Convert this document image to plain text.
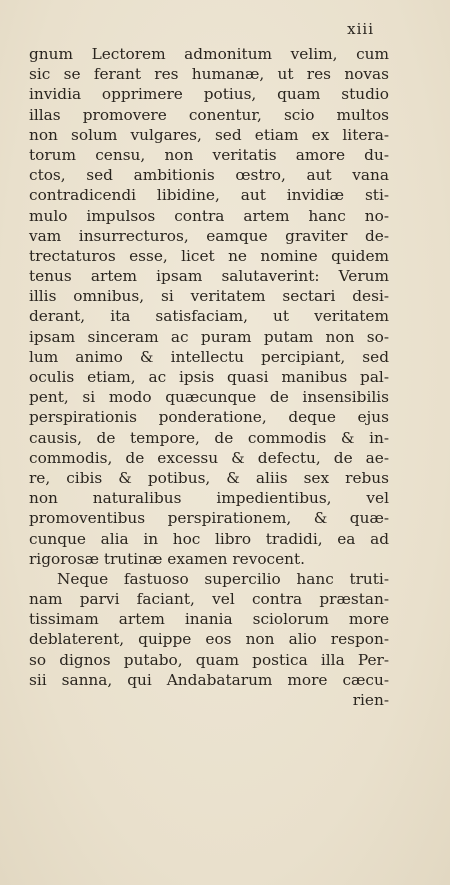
xiii

gnum Lectorem admonitum velim, cum
sic se ferant res humanæ, ut res novas
invidia opprimere potius, quam studio
illas promovere conentur, scio multos
non solum vulgares, sed etiam ex litera-
torum censu, non veritatis amore du-
ctos, sed ambitionis œstro, aut vana
contradicendi libidine, aut invidiæ sti-
mulo impulsos contra artem hanc no-
vam insurrecturos, eamque graviter de-
trectaturos esse, licet ne nomine quidem
tenus artem ipsam salutaverint: Verum
illis omnibus, si veritatem sectari desi-
derant, ita satisfaciam, ut veritatem
ipsam sinceram ac puram putam non so-
lum animo & intellectu percipiant, sed
oculis etiam, ac ipsis quasi manibus pal-
pent, si modo quæcunque de insensibilis
perspirationis ponderatione, deque ejus
causis, de tempore, de commodis & in-
commodis, de excessu & defectu, de ae-
re, cibis & potibus, & aliis sex rebus
non naturalibus impedientibus, vel
promoventibus perspirationem, & quæ-
cunque alia in hoc libro tradidi, ea ad
rigorosæ trutinæ examen revocent.
Neque fastuoso supercilio hanc truti-
nam parvi faciant, vel contra præstan-
tissimam artem inania sciolorum more
deblaterent, quippe eos non alio respon-
so dignos putabo, quam postica illa Per-
sii sanna, qui Andabatarum more cæcu-
rien-
